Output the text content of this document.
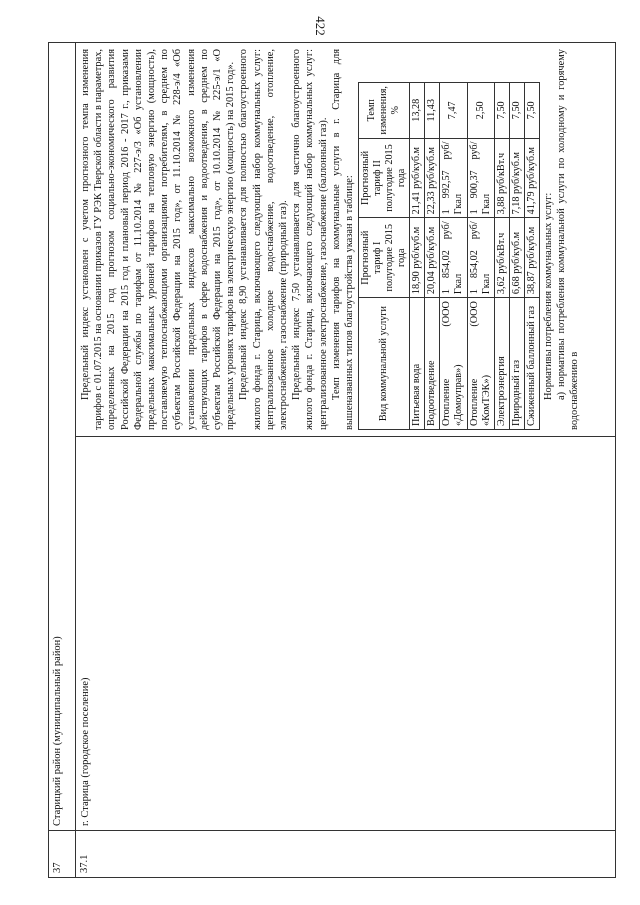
422
37	Старицкий район (муниципальный район)
37.1	г. Старица (городское поселение)	

Предельный индекс установлен с учетом прогнозного темпа изменения тарифов с 01.07.2015 на основании приказов ГУ РЭК Тверской области в параметрах, определенных на 2015 год прогнозом социально-экономического развития Российской Федерации на 2015 год и плановый период 2016 - 2017 г., приказами Федеральной службы по тарифам от 11.10.2014 № 227-э/3 «Об установлении предельных максимальных уровней тарифов на тепловую энергию (мощность), поставляемую теплоснабжающими организациями потребителям, в среднем по субъектам Российской Федерации на 2015 год», от 11.10.2014 № 228-э/4 «Об установлении предельных индексов максимально возможного изменения действующих тарифов в сфере водоснабжения и водоотведения, в среднем по субъектам Российской Федерации на 2015 год», от 10.10.2014 № 225-э/1 «О предельных уровнях тарифов на электрическую энергию (мощность) на 2015 год». Предельный индекс 8,90 устанавливается для полностью благоустроенного жилого фонда г. Старица, включающего следующий набор коммунальных услуг: централизованное холодное водоснабжение, водоотведение, отопление, электроснабжение, газоснабжение (природный газ). Предельный индекс 7,50 устанавливается для частично благоустроенного жилого фонда г. Старица, включающего следующий набор коммунальных услуг: централизованное электроснабжение, газоснабжение (баллонный газ). Темп изменения тарифов на коммунальные услуги в г. Старица для вышеназванных типов благоустройства указан в таблице: Вид коммунальной услуги	Прогнозный тариф I полугодие 2015 года	Прогнозный тариф II полугодие 2015 года	Темп изменения, %
Питьевая вода	18,90 руб/куб.м	21,41 руб/куб.м	13,28
Водоотведение	20,04 руб/куб.м	22,33 руб/куб.м	11,43
Отопление (ООО «Домоуправ»)	1 854,02 руб/Гкал	1 992,57 руб/Гкал	7,47
Отопление (ООО «КомТЭК»)	1 854,02 руб/Гкал	1 900,37 руб/Гкал	2,50
Электроэнергия	3,62 руб/кВт.ч	3,88 руб/кВт.ч	7,50
Природный газ	6,68 руб/куб.м	7,18 руб/куб.м	7,50
Сжиженный баллонный газ	38,87 руб/куб.м	41,79 руб/куб.м	7,50

Нормативы потребления коммунальных услуг: а) нормативы потребления коммунальной услуги по холодному и горячему водоснабжению в
